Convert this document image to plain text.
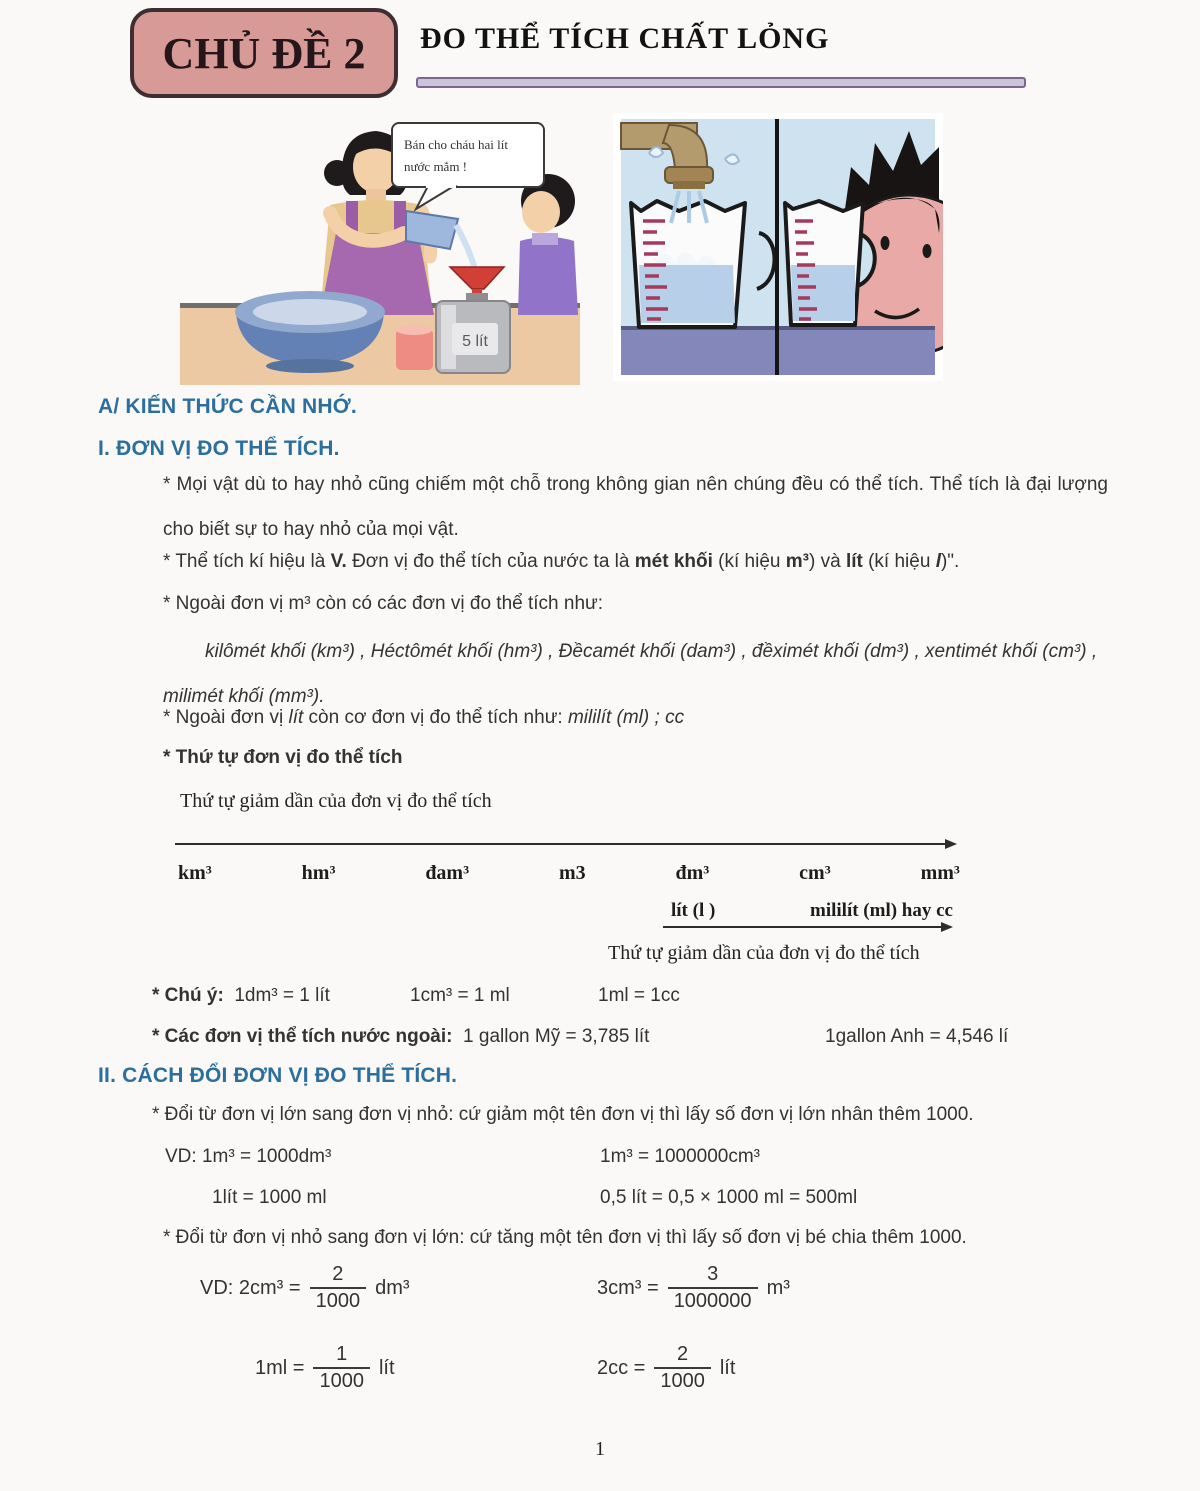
CHỦ ĐỀ 2 ĐO THỂ TÍCH CHẤT LỎNG
5 lít
Bán cho cháu hai lít
nước mắm !
A/ KIẾN THỨC CẦN NHỚ.
I. ĐƠN VỊ ĐO THỂ TÍCH.

* Mọi vật dù to hay nhỏ cũng chiếm một chỗ trong không gian nên chúng đều có thể tích. Thể tích là đại lượng cho biết sự to hay nhỏ của mọi vật.

* Thể tích kí hiệu là V. Đơn vị đo thể tích của nước ta là mét khối (kí hiệu m³) và lít (kí hiệu l)".

* Ngoài đơn vị m³ còn có các đơn vị đo thể tích như:

kilômét khối (km³) , Héctômét khối (hm³) , Đềcamét khối (dam³) , đềximét khối (dm³) , xentimét khối (cm³) , milimét khối (mm³).

* Ngoài đơn vị lít còn cơ đơn vị đo thể tích như: mililít (ml) ; cc

* Thứ tự đơn vị đo thể tích

Thứ tự giảm dần của đơn vị đo thể tích
km³	hm³	đam³	m3	đm³	cm³	mm³
lít (l )	mililít (ml) hay cc
Thứ tự giảm dần của đơn vị đo thể tích
* Chú ý: 1dm³ = 1 lít	1cm³ = 1 ml	1ml = 1cc
* Các đơn vị thể tích nước ngoài: 1 gallon Mỹ = 3,785 lít	1gallon Anh = 4,546 lí
II. CÁCH ĐỔI ĐƠN VỊ ĐO THỂ TÍCH.

* Đổi từ đơn vị lớn sang đơn vị nhỏ: cứ giảm một tên đơn vị thì lấy số đơn vị lớn nhân thêm 1000.

VD: 1m³ = 1000dm³	1m³ = 1000000cm³
1lít = 1000 ml	0,5 lít = 0,5 × 1000 ml = 500ml

* Đổi từ đơn vị nhỏ sang đơn vị lớn: cứ tăng một tên đơn vị thì lấy số đơn vị bé chia thêm 1000.

VD: $2cm^3 = \frac{2}{1000} dm^3$	$3cm^3 = \frac{3}{1000000} m^3$
$1ml = \frac{1}{1000}$ lít	$2cc = \frac{2}{1000}$ lít
1
